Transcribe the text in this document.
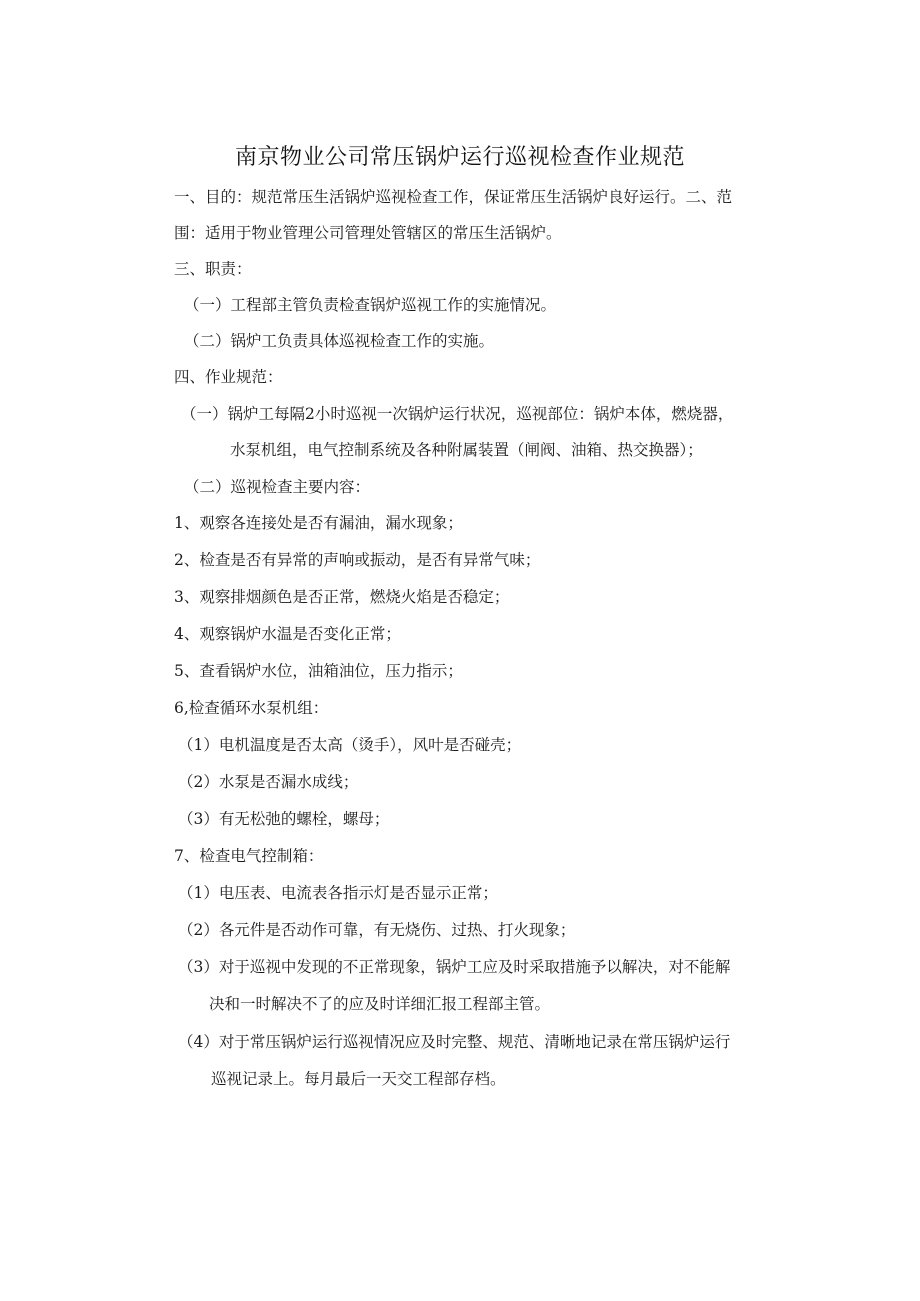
南京物业公司常压锅炉运行巡视检查作业规范
一、目的：规范常压生活锅炉巡视检查工作，保证常压生活锅炉良好运行。二、范
围：适用于物业管理公司管理处管辖区的常压生活锅炉。
三、职责：
（一）工程部主管负责检查锅炉巡视工作的实施情况。
（二）锅炉工负责具体巡视检查工作的实施。
四、作业规范：
（一）锅炉工每隔2小时巡视一次锅炉运行状况，巡视部位：锅炉本体，燃烧器，
水泵机组，电气控制系统及各种附属装置（闸阀、油箱、热交换器）；
（二）巡视检查主要内容：
1、观察各连接处是否有漏油，漏水现象；
2、检查是否有异常的声响或振动，是否有异常气味；
3、观察排烟颜色是否正常，燃烧火焰是否稳定；
4、观察锅炉水温是否变化正常；
5、查看锅炉水位，油箱油位，压力指示；
6,检查循环水泵机组：
（1）电机温度是否太高（烫手），风叶是否碰壳；
（2）水泵是否漏水成线；
（3）有无松弛的螺栓，螺母；
7、检查电气控制箱：
（1）电压表、电流表各指示灯是否显示正常；
（2）各元件是否动作可靠，有无烧伤、过热、打火现象；
（3）对于巡视中发现的不正常现象，锅炉工应及时采取措施予以解决，对不能解
决和一时解决不了的应及时详细汇报工程部主管。
（4）对于常压锅炉运行巡视情况应及时完整、规范、清晰地记录在常压锅炉运行
巡视记录上。每月最后一天交工程部存档。
